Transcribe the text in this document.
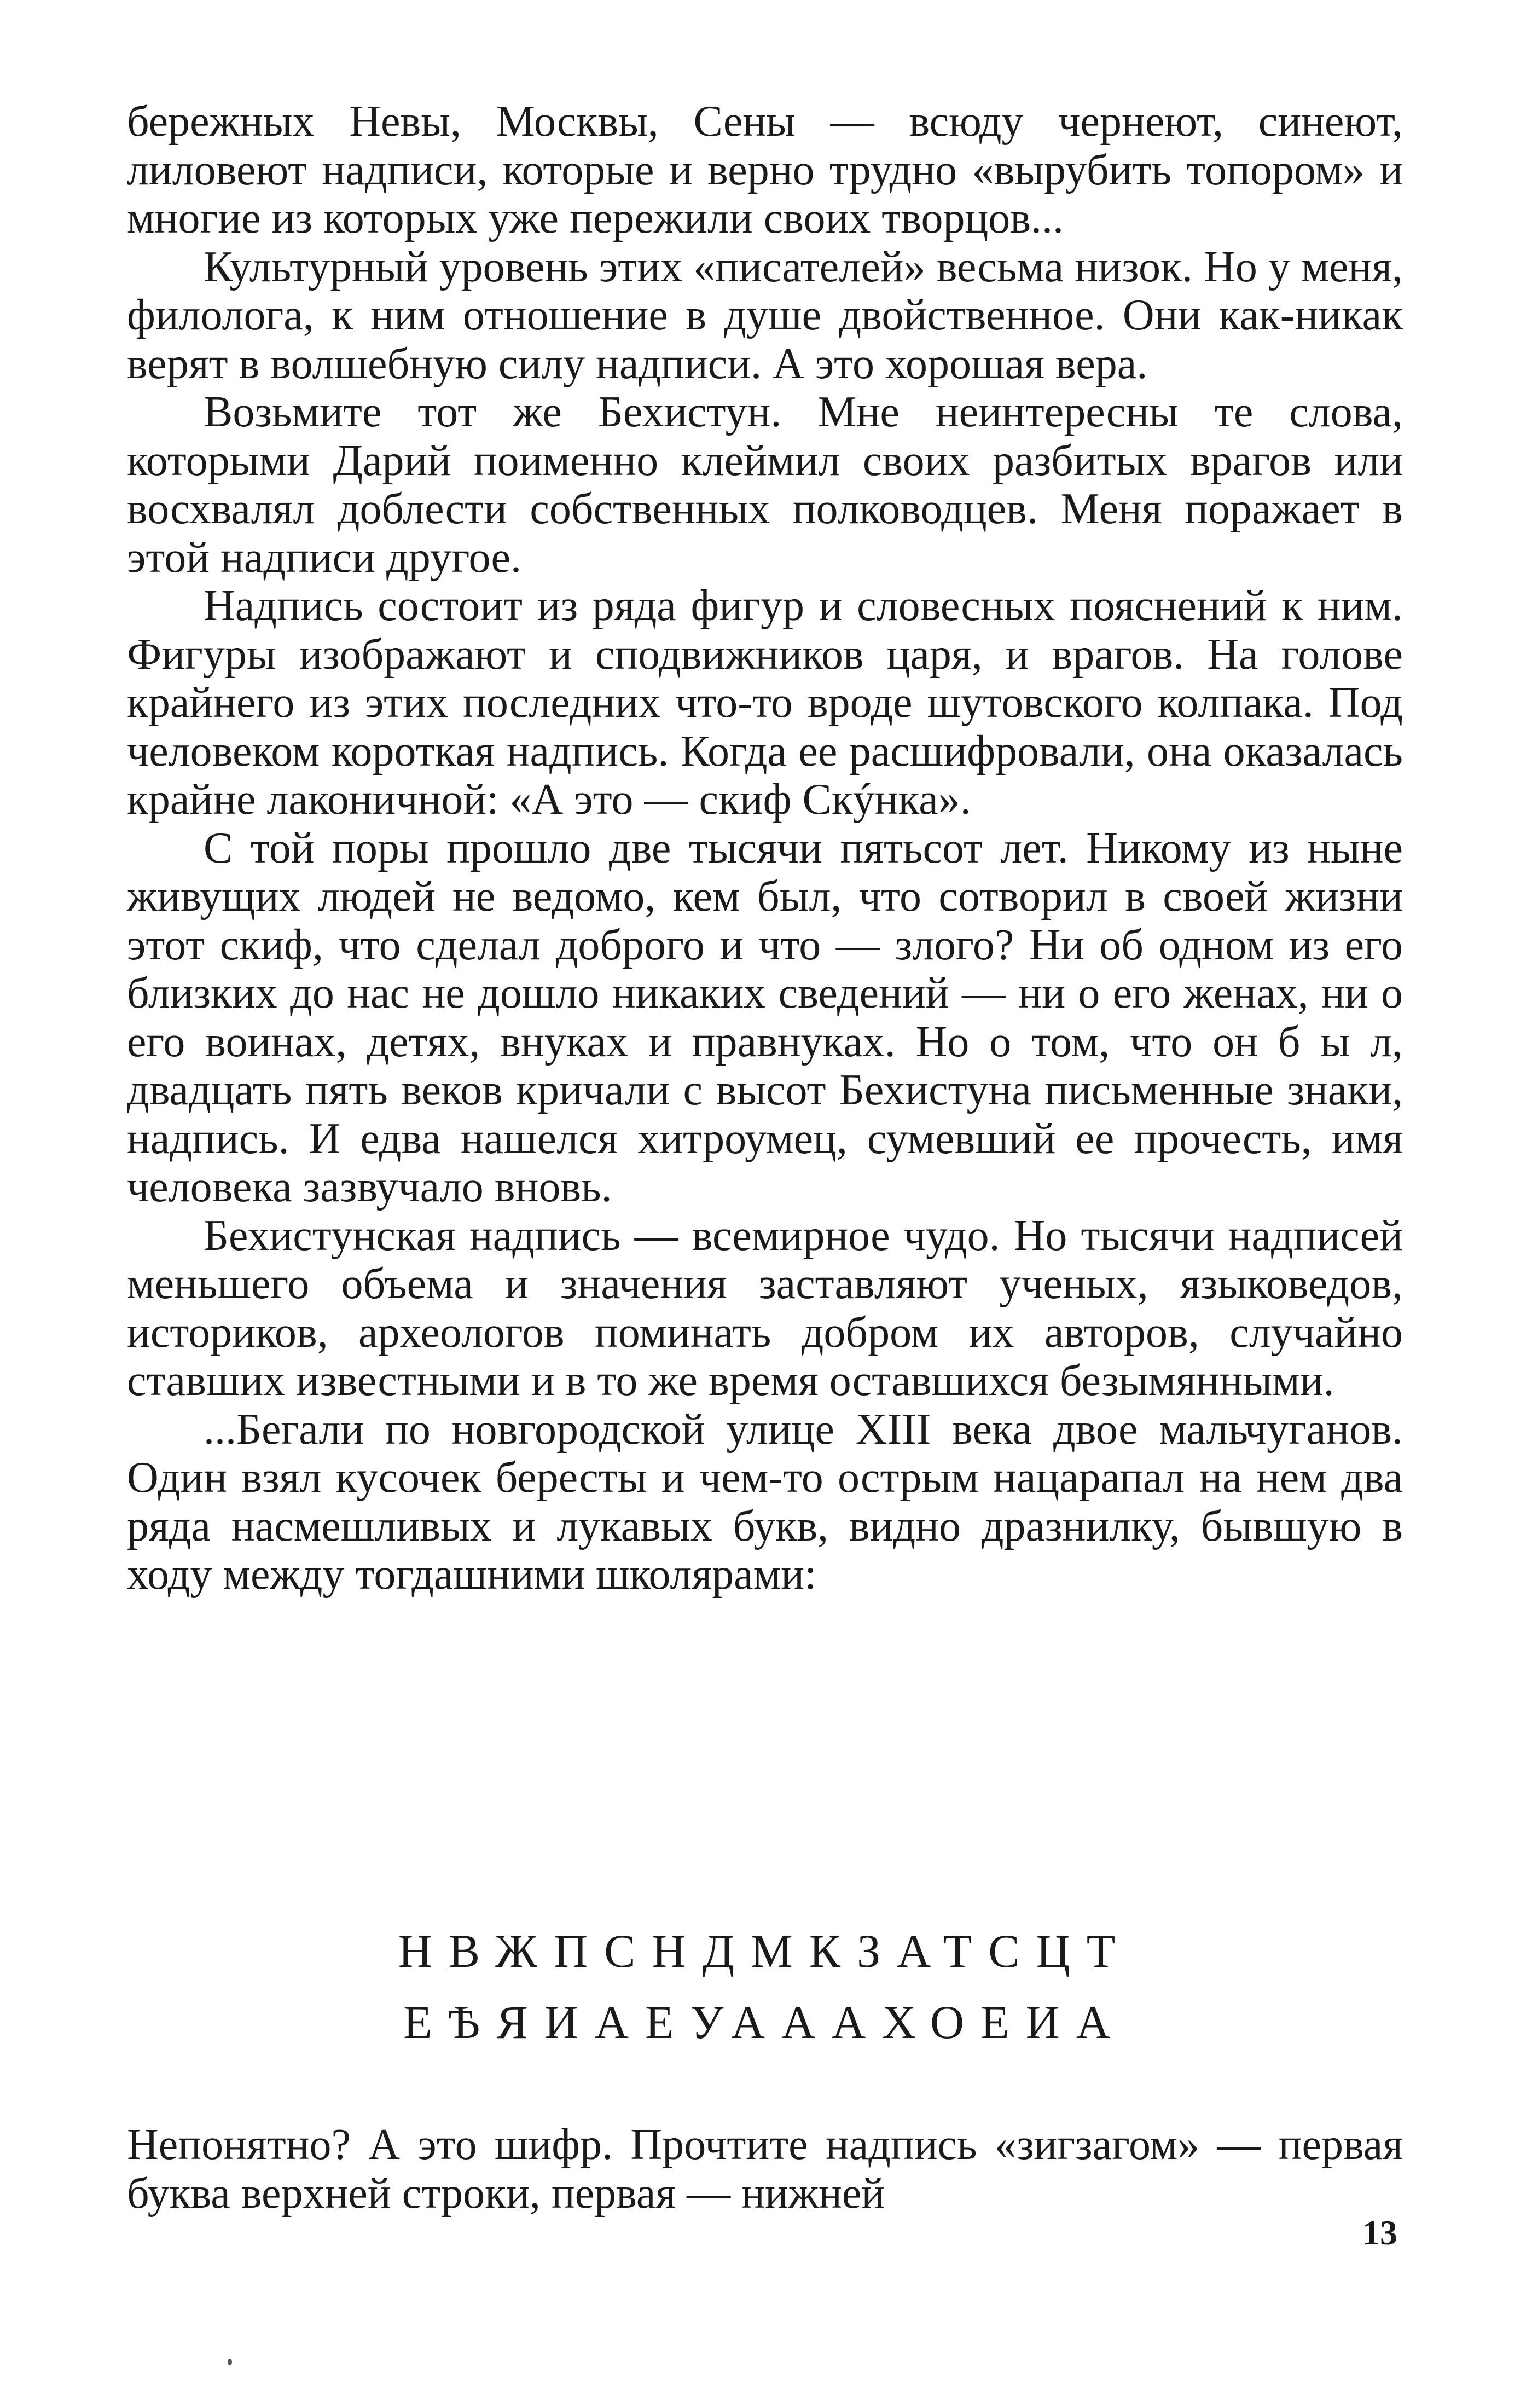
бережных Невы, Москвы, Сены — всюду чернеют, синеют, лиловеют надписи, которые и верно трудно «вырубить топором» и многие из которых уже пережили своих творцов...

Культурный уровень этих «писателей» весьма низок. Но у меня, филолога, к ним отношение в душе двойственное. Они как-никак верят в волшебную силу надписи. А это хорошая вера.

Возьмите тот же Бехистун. Мне неинтересны те слова, которыми Дарий поименно клеймил своих разбитых врагов или восхвалял доблести собственных полководцев. Меня поражает в этой надписи другое.

Надпись состоит из ряда фигур и словесных пояснений к ним. Фигуры изображают и сподвижников царя, и врагов. На голове крайнего из этих последних что-то вроде шутовского колпака. Под человеком короткая надпись. Когда ее расшифровали, она оказалась крайне лаконичной: «А это — скиф Скýнка».

С той поры прошло две тысячи пятьсот лет. Никому из ныне живущих людей не ведомо, кем был, что сотворил в своей жизни этот скиф, что сделал доброго и что — злого? Ни об одном из его близких до нас не дошло никаких сведений — ни о его женах, ни о его воинах, детях, внуках и правнуках. Но о том, что он б ы л, двадцать пять веков кричали с высот Бехистуна письменные знаки, надпись. И едва нашелся хитроумец, сумевший ее прочесть, имя человека зазвучало вновь.

Бехистунская надпись — всемирное чудо. Но тысячи надписей меньшего объема и значения заставляют ученых, языковедов, историков, археологов поминать добром их авторов, случайно ставших известными и в то же время оставшихся безымянными.

...Бегали по новгородской улице XIII века двое мальчуганов. Один взял кусочек бересты и чем-то острым нацарапал на нем два ряда насмешливых и лукавых букв, видно дразнилку, бывшую в ходу между тогдашними школярами:

НВЖПСНДМКЗАТСЦТ
ЕѢЯИАЕУАААХОЕИА

Непонятно? А это шифр. Прочтите надпись «зигзагом» — первая буква верхней строки, первая — нижней

13
